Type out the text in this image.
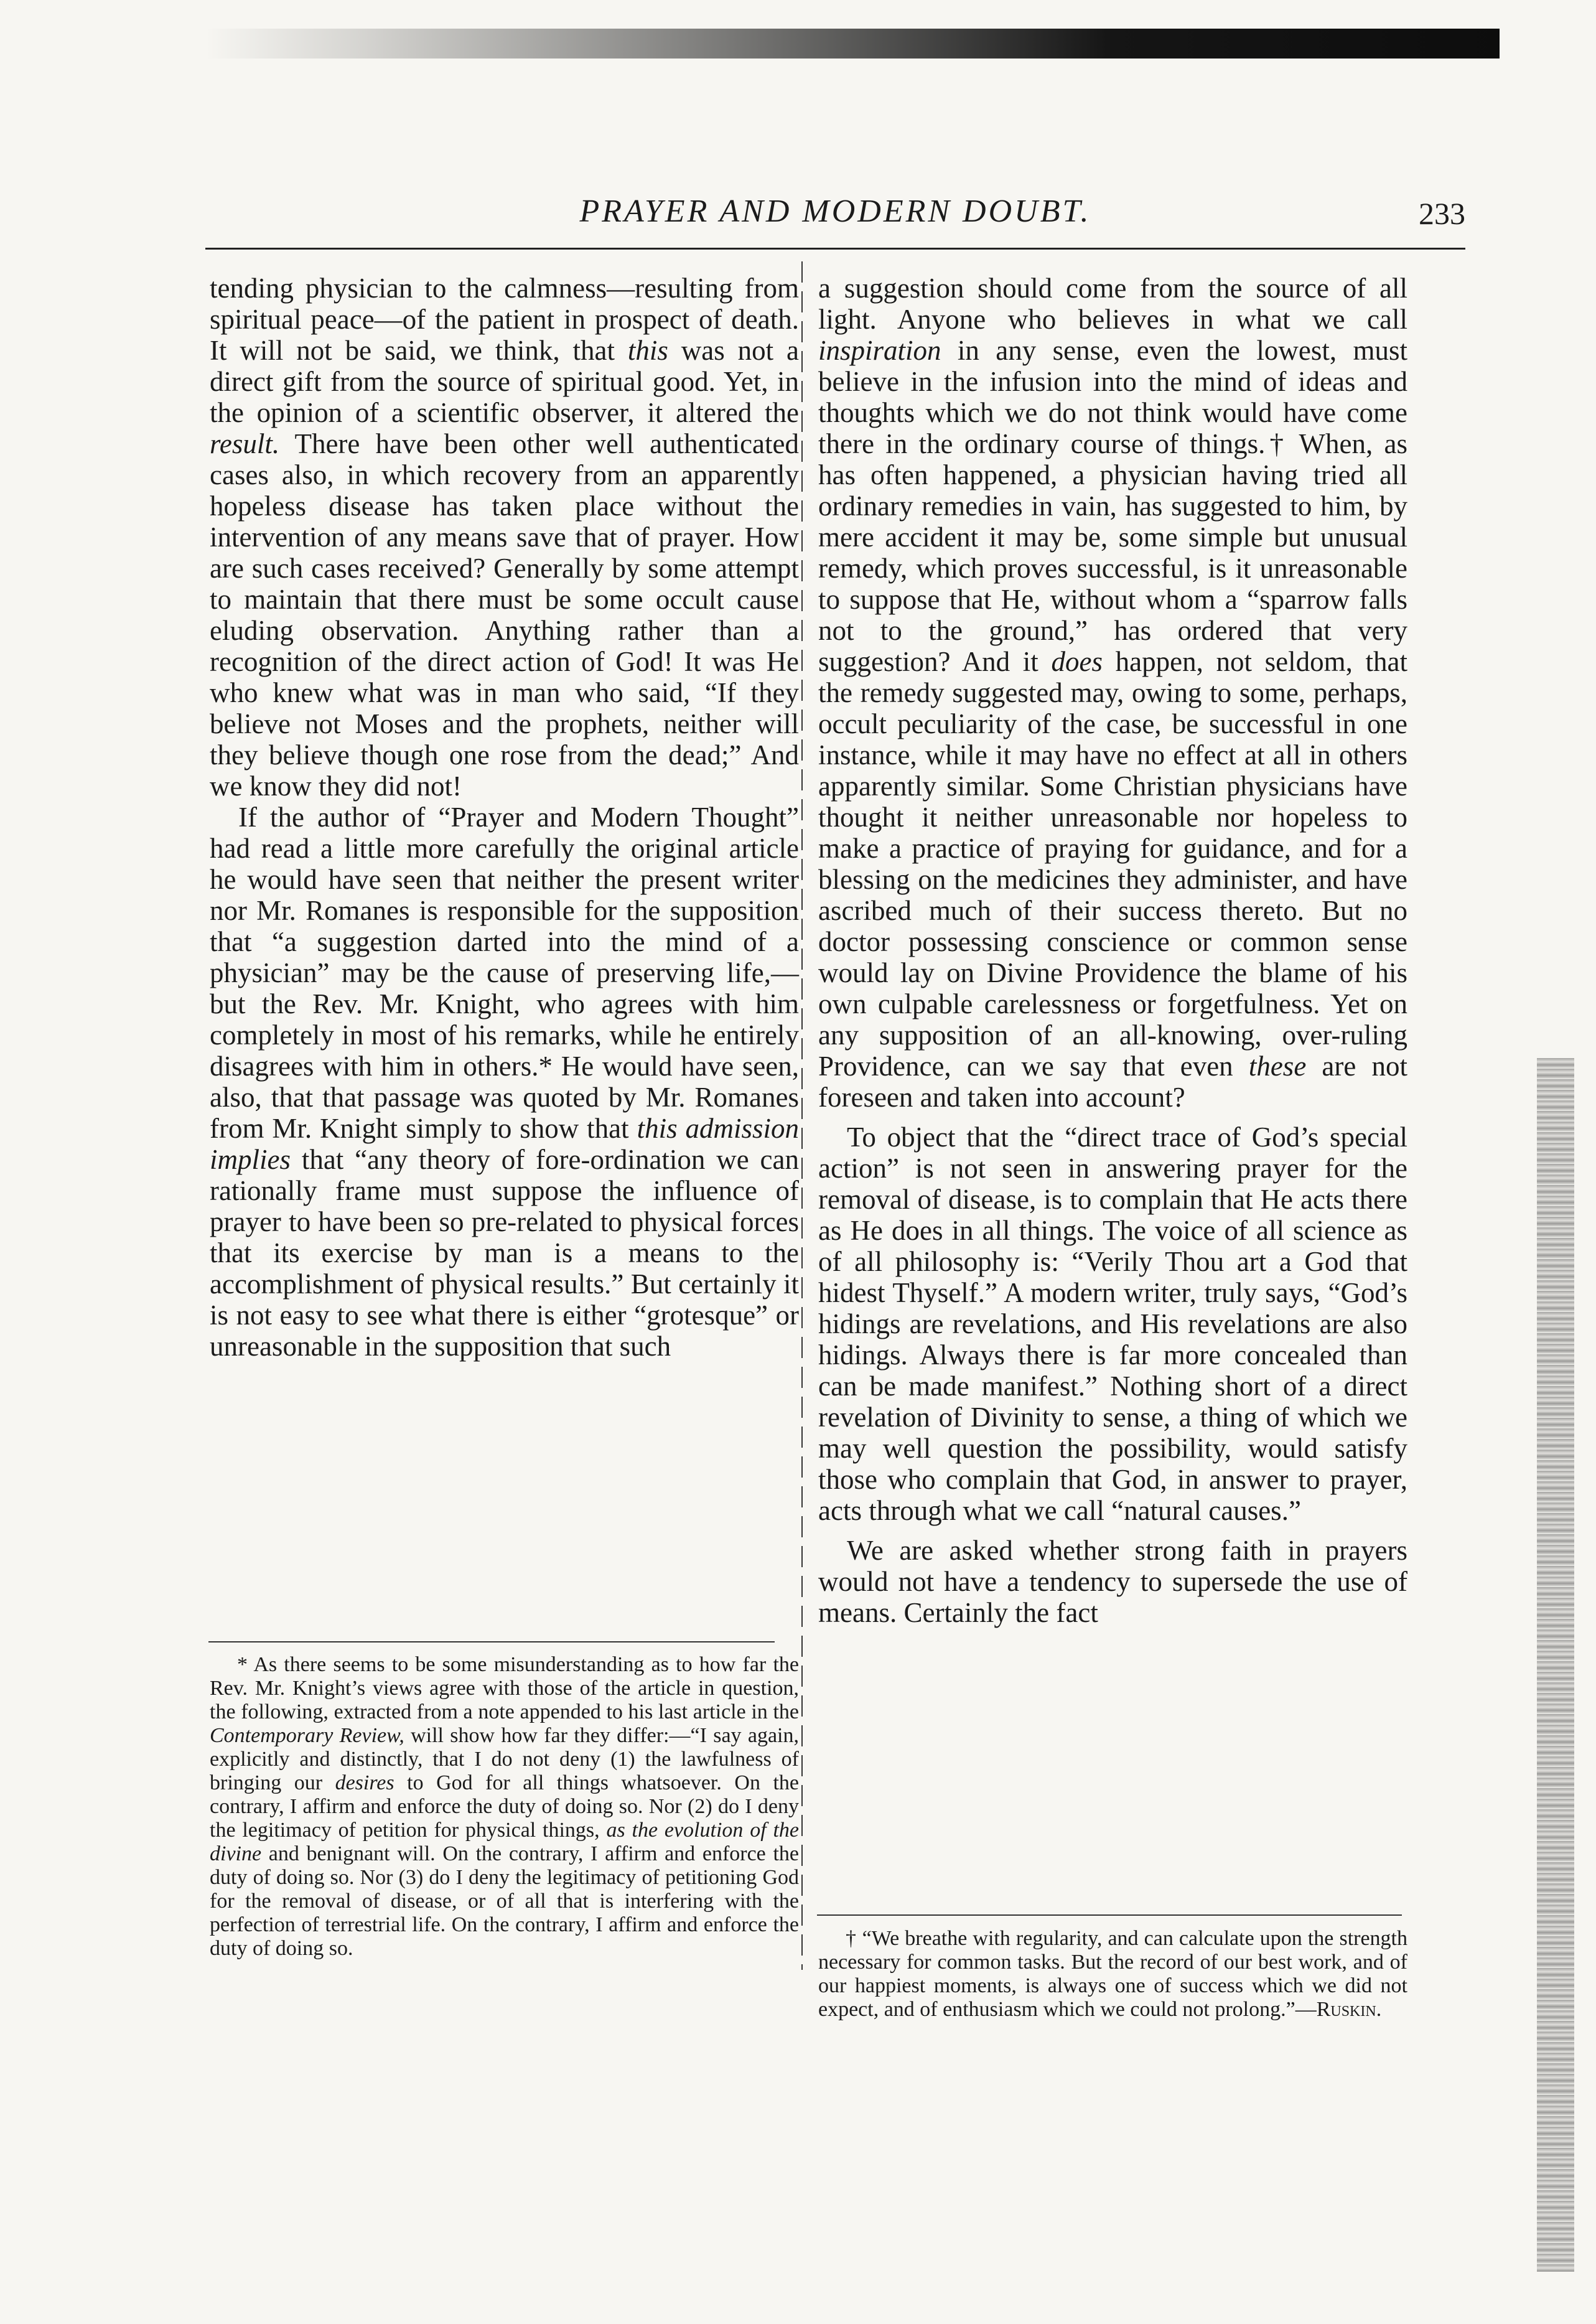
PRAYER AND MODERN DOUBT.	233

tending physician to the calmness—resulting from spiritual peace—of the patient in prospect of death. It will not be said, we think, that this was not a direct gift from the source of spiritual good. Yet, in the opinion of a scientific observer, it altered the result. There have been other well authenticated cases also, in which recovery from an apparently hopeless disease has taken place without the intervention of any means save that of prayer. How are such cases received? Generally by some attempt to maintain that there must be some occult cause eluding observation. Anything rather than a recognition of the direct action of God! It was He who knew what was in man who said, “If they believe not Moses and the prophets, neither will they believe though one rose from the dead;” And we know they did not!

If the author of “Prayer and Modern Thought” had read a little more carefully the original article he would have seen that neither the present writer nor Mr. Romanes is responsible for the supposition that “a suggestion darted into the mind of a physician” may be the cause of preserving life,—but the Rev. Mr. Knight, who agrees with him completely in most of his remarks, while he entirely disagrees with him in others.* He would have seen, also, that that passage was quoted by Mr. Romanes from Mr. Knight simply to show that this admission implies that “any theory of fore-ordination we can rationally frame must suppose the influence of prayer to have been so pre-related to physical forces that its exercise by man is a means to the accomplishment of physical results.” But certainly it is not easy to see what there is either “grotesque” or unreasonable in the supposition that such

* As there seems to be some misunderstanding as to how far the Rev. Mr. Knight’s views agree with those of the article in question, the following, extracted from a note appended to his last article in the Contemporary Review, will show how far they differ:—“I say again, explicitly and distinctly, that I do not deny (1) the lawfulness of bringing our desires to God for all things whatsoever. On the contrary, I affirm and enforce the duty of doing so. Nor (2) do I deny the legitimacy of petition for physical things, as the evolution of the divine and benignant will. On the contrary, I affirm and enforce the duty of doing so. Nor (3) do I deny the legitimacy of petitioning God for the removal of disease, or of all that is interfering with the perfection of terrestrial life. On the contrary, I affirm and enforce the duty of doing so.

a suggestion should come from the source of all light. Anyone who believes in what we call inspiration in any sense, even the lowest, must believe in the infusion into the mind of ideas and thoughts which we do not think would have come there in the ordinary course of things.† When, as has often happened, a physician having tried all ordinary remedies in vain, has suggested to him, by mere accident it may be, some simple but unusual remedy, which proves successful, is it unreasonable to suppose that He, without whom a “sparrow falls not to the ground,” has ordered that very suggestion? And it does happen, not seldom, that the remedy suggested may, owing to some, perhaps, occult peculiarity of the case, be successful in one instance, while it may have no effect at all in others apparently similar. Some Christian physicians have thought it neither unreasonable nor hopeless to make a practice of praying for guidance, and for a blessing on the medicines they administer, and have ascribed much of their success thereto. But no doctor possessing conscience or common sense would lay on Divine Providence the blame of his own culpable carelessness or forgetfulness. Yet on any supposition of an all-knowing, over-ruling Providence, can we say that even these are not foreseen and taken into account?

To object that the “direct trace of God’s special action” is not seen in answering prayer for the removal of disease, is to complain that He acts there as He does in all things. The voice of all science as of all philosophy is: “Verily Thou art a God that hidest Thyself.” A modern writer, truly says, “God’s hidings are revelations, and His revelations are also hidings. Always there is far more concealed than can be made manifest.” Nothing short of a direct revelation of Divinity to sense, a thing of which we may well question the possibility, would satisfy those who complain that God, in answer to prayer, acts through what we call “natural causes.”

We are asked whether strong faith in prayers would not have a tendency to supersede the use of means. Certainly the fact

† “We breathe with regularity, and can calculate upon the strength necessary for common tasks. But the record of our best work, and of our happiest moments, is always one of success which we did not expect, and of enthusiasm which we could not prolong.”—Ruskin.
